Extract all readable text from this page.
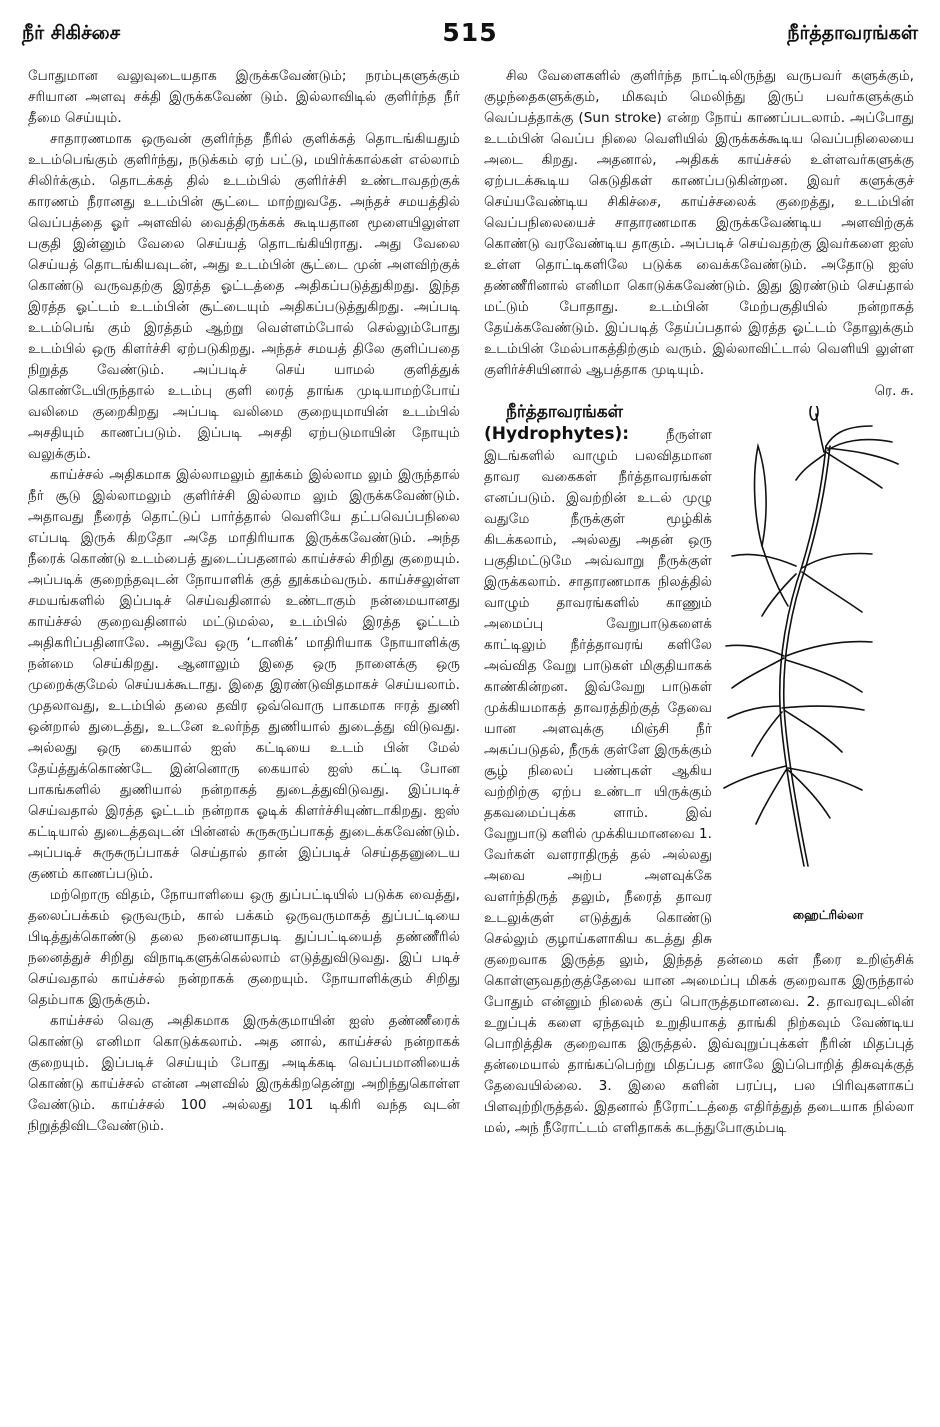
நீர் சிகிச்சை	515	நீர்த்தாவரங்கள்

போதுமான வலுவுடையதாக இருக்கவேண்டும்; நரம்புகளுக்கும் சரியான அளவு சக்தி இருக்கவேண் டும். இல்லாவிடில் குளிர்ந்த நீர் தீமை செய்யும்.

சாதாரணமாக ஒருவன் குளிர்ந்த நீரில் குளிக்கத் தொடங்கியதும் உடம்பெங்கும் குளிர்ந்து, நடுக்கம் ஏற் பட்டு, மயிர்க்கால்கள் எல்லாம் சிலிர்க்கும். தொடக்கத் தில் உடம்பில் குளிர்ச்சி உண்டாவதற்குக் காரணம் நீரானது உடம்பின் சூட்டை மாற்றுவதே. அந்தச் சமயத்தில் வெப்பத்தை ஓர் அளவில் வைத்திருக்கக் கூடியதான மூளையிலுள்ள பகுதி இன்னும் வேலை செய்யத் தொடங்கியிராது. அது வேலை செய்யத் தொடங்கியவுடன், அது உடம்பின் சூட்டை முன் அளவிற்குக் கொண்டு வருவதற்கு இரத்த ஓட்டத்தை அதிகப்படுத்துகிறது. இந்த இரத்த ஓட்டம் உடம்பின் சூட்டையும் அதிகப்படுத்துகிறது. அப்படி உடம்பெங் கும் இரத்தம் ஆற்று வெள்ளம்போல் செல்லும்போது உடம்பில் ஒரு கிளர்ச்சி ஏற்படுகிறது. அந்தச் சமயத் திலே குளிப்பதை நிறுத்த வேண்டும். அப்படிச் செய் யாமல் குளித்துக் கொண்டேயிருந்தால் உடம்பு குளி ரைத் தாங்க முடியாமற்போய் வலிமை குறைகிறது அப்படி வலிமை குறையுமாயின் உடம்பில் அசதியும் காணப்படும். இப்படி அசதி ஏற்படுமாயின் நோயும் வலுக்கும்.

காய்ச்சல் அதிகமாக இல்லாமலும் தூக்கம் இல்லாம லும் இருந்தால் நீர் சூடு இல்லாமலும் குளிர்ச்சி இல்லாம லும் இருக்கவேண்டும். அதாவது நீரைத் தொட்டுப் பார்த்தால் வெளியே தட்பவெப்பநிலை எப்படி இருக் கிறதோ அதே மாதிரியாக இருக்கவேண்டும். அந்த நீரைக் கொண்டு உடம்பைத் துடைப்பதனால் காய்ச்சல் சிறிது குறையும். அப்படிக் குறைந்தவுடன் நோயாளிக் குத் தூக்கம்வரும். காய்ச்சலுள்ள சமயங்களில் இப்படிச் செய்வதினால் உண்டாகும் நன்மையானது காய்ச்சல் குறைவதினால் மட்டுமல்ல, உடம்பில் இரத்த ஓட்டம் அதிகரிப்பதினாலே. அதுவே ஒரு ‘டானிக்’ மாதிரியாக நோயாளிக்கு நன்மை செய்கிறது. ஆனாலும் இதை ஒரு நாளைக்கு ஒரு முறைக்குமேல் செய்யக்கூடாது. இதை இரண்டுவிதமாகச் செய்யலாம். முதலாவது, உடம்பில் தலை தவிர ஒவ்வொரு பாகமாக ஈரத் துணி ஒன்றால் துடைத்து, உடனே உலர்ந்த துணியால் துடைத்து விடுவது. அல்லது ஒரு கையால் ஐஸ் கட்டியை உடம் பின் மேல் தேய்த்துக்கொண்டே இன்னொரு கையால் ஐஸ் கட்டி போன பாகங்களில் துணியால் நன்றாகத் துடைத்துவிடுவது. இப்படிச் செய்வதால் இரத்த ஓட்டம் நன்றாக ஓடிக் கிளர்ச்சியுண்டாகிறது. ஐஸ் கட்டியால் துடைத்தவுடன் பின்னல் சுருசுருப்பாகத் துடைக்கவேண்டும். அப்படிச் சுருசுருப்பாகச் செய்தால் தான் இப்படிச் செய்ததனுடைய குணம் காணப்படும்.

மற்றொரு விதம், நோயாளியை ஒரு துப்பட்டியில் படுக்க வைத்து, தலைப்பக்கம் ஒருவரும், கால் பக்கம் ஒருவருமாகத் துப்பட்டியை பிடித்துக்கொண்டு தலை நனையாதபடி துப்பட்டியைத் தண்ணீரில் நனைத்துச் சிறிது விநாடிகளுக்கெல்லாம் எடுத்துவிடுவது. இப் படிச் செய்வதால் காய்ச்சல் நன்றாகக் குறையும். நோயாளிக்கும் சிறிது தெம்பாக இருக்கும்.

காய்ச்சல் வெகு அதிகமாக இருக்குமாயின் ஐஸ் தண்ணீரைக் கொண்டு எனிமா கொடுக்கலாம். அத னால், காய்ச்சல் நன்றாகக் குறையும். இப்படிச் செய்யும் போது அடிக்கடி வெப்பமானியைக் கொண்டு காய்ச்சல் என்ன அளவில் இருக்கிறதென்று அறிந்துகொள்ள வேண்டும். காய்ச்சல் 100 அல்லது 101 டிகிரி வந்த வுடன் நிறுத்திவிடவேண்டும்.

சில வேளைகளில் குளிர்ந்த நாட்டிலிருந்து வருபவர் களுக்கும், குழந்தைகளுக்கும், மிகவும் மெலிந்து இருப் பவர்களுக்கும் வெப்பத்தாக்கு (Sun stroke) என்ற நோய் காணப்படலாம். அப்போது உடம்பின் வெப்ப நிலை வெளியில் இருக்கக்கூடிய வெப்பநிலையை அடை கிறது. அதனால், அதிகக் காய்ச்சல் உள்ளவர்களுக்கு ஏற்படக்கூடிய கெடுதிகள் காணப்படுகின்றன. இவர் களுக்குச் செய்யவேண்டிய சிகிச்சை, காய்ச்சலைக் குறைத்து, உடம்பின் வெப்பநிலையைச் சாதாரணமாக இருக்கவேண்டிய அளவிற்குக் கொண்டு வரவேண்டிய தாகும். அப்படிச் செய்வதற்கு இவர்களை ஐஸ் உள்ள தொட்டிகளிலே படுக்க வைக்கவேண்டும். அதோடு ஐஸ் தண்ணீரினால் எனிமா கொடுக்கவேண்டும். இது இரண்டும் செய்தால் மட்டும் போதாது. உடம்பின் மேற்பகுதியில் நன்றாகத் தேய்க்கவேண்டும். இப்படித் தேய்ப்பதால் இரத்த ஓட்டம் தோலுக்கும் உடம்பின் மேல்பாகத்திற்கும் வரும். இல்லாவிட்டால் வெளியி லுள்ள குளிர்ச்சியினால் ஆபத்தாக முடியும்.
ரெ. சு.

ஹைட்ரில்லா

நீர்த்தாவரங்கள் (Hydrophytes):	நீருள்ள இடங்களில் வாழும் பலவிதமான தாவர வகைகள் நீர்த்தாவரங்கள் எனப்படும். இவற்றின் உடல் முழு வதுமே நீருக்குள் மூழ்கிக் கிடக்கலாம், அல்லது அதன் ஒரு பகுதிமட்டுமே அவ்வாறு நீருக்குள் இருக்கலாம். சாதாரணமாக நிலத்தில் வாழும் தாவரங்களில் காணும் அமைப்பு வேறுபாடுகளைக் காட்டிலும் நீர்த்தாவரங் களிலே அவ்வித வேறு பாடுகள் மிகுதியாகக் காண்கின்றன. இவ்வேறு பாடுகள் முக்கியமாகத் தாவரத்திற்குத் தேவை யான அளவுக்கு மிஞ்சி நீர் அகப்படுதல், நீருக் குள்ளே இருக்கும் சூழ் நிலைப் பண்புகள் ஆகிய வற்றிற்கு ஏற்ப உண்டா யிருக்கும் தகவமைப்புக்க ளாம். இவ் வேறுபாடு களில் முக்கியமானவை 1. வேர்கள் வளராதிருத் தல் அல்லது அவை அற்ப அளவுக்கே வளர்ந்திருத் தலும், நீரைத் தாவர உடலுக்குள் எடுத்துக் கொண்டு செல்லும் குழாய்களாகிய கடத்து திசு குறைவாக இருத்த லும், இந்தத் தன்மை கள் நீரை உறிஞ்சிக் கொள்ளுவதற்குத்தேவை யான அமைப்பு மிகக் குறைவாக இருந்தால் போதும் என்னும் நிலைக் குப் பொருத்தமானவை. 2. தாவரவுடலின் உறுப்புக் களை ஏந்தவும் உறுதியாகத் தாங்கி நிற்கவும் வேண்டிய பொறித்திசு குறைவாக இருத்தல். இவ்வுறுப்புக்கள் நீரின் மிதப்புத் தன்மையால் தாங்கப்பெற்று மிதப்பத னாலே இப்பொறித் திசுவுக்குத் தேவையில்லை. 3. இலை களின் பரப்பு, பல பிரிவுகளாகப் பிளவுற்றிருத்தல். இதனால் நீரோட்டத்தை எதிர்த்துத் தடையாக நில்லா மல், அந் நீரோட்டம் எளிதாகக் கடந்துபோகும்படி
